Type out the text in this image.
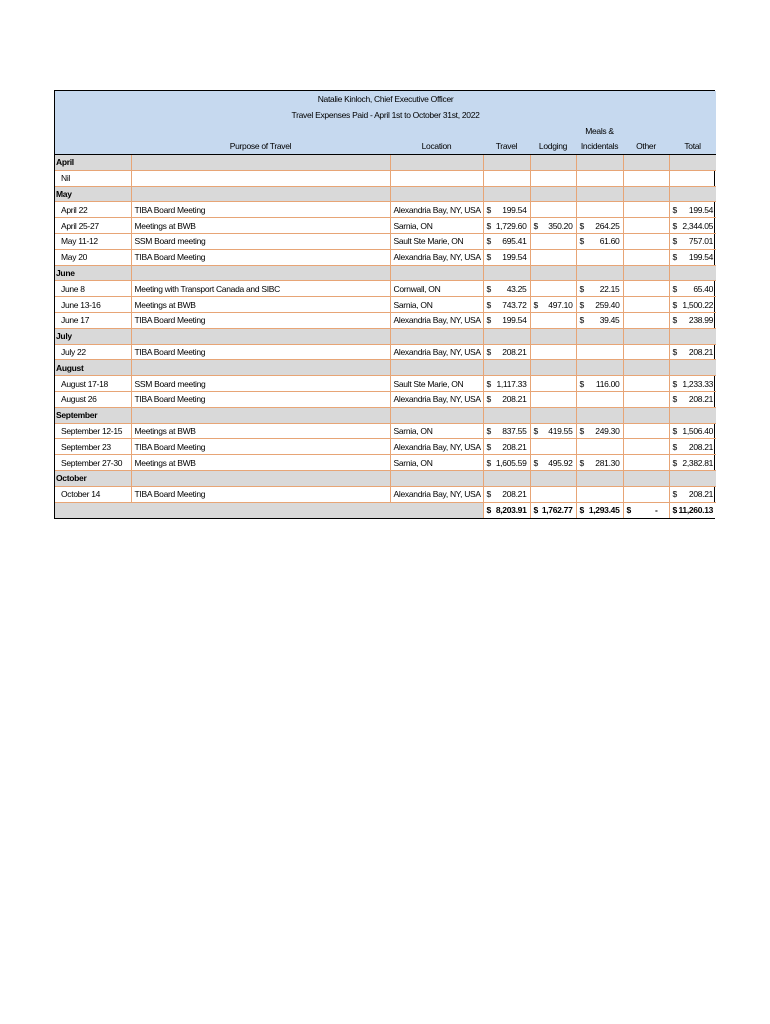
Natalie Kinloch, Chief Executive Officer							
Travel Expenses Paid - April 1st to October 31st, 2022							
					Meals &		
	Purpose of Travel	Location	Travel	Lodging	Incidentals	Other	Total
April							
Nil							
May							
April 22	TIBA Board Meeting	Alexandria Bay, NY, USA	$ 199.54				$ 199.54

April 25-27	Meetings at BWB	Sarnia, ON	$ 1,729.60	$ 350.20	$ 264.25		$ 2,344.05

May 11-12	SSM Board meeting	Sault Ste Marie, ON	$ 695.41		$ 61.60		$ 757.01

May 20	TIBA Board Meeting	Alexandria Bay, NY, USA	$ 199.54				$ 199.54

June							
June 8	Meeting with Transport Canada and SIBC	Cornwall, ON	$ 43.25		$ 22.15		$ 65.40

June 13-16	Meetings at BWB	Sarnia, ON	$ 743.72	$ 497.10	$ 259.40		$ 1,500.22

June 17	TIBA Board Meeting	Alexandria Bay, NY, USA	$ 199.54		$ 39.45		$ 238.99

July							
July 22	TIBA Board Meeting	Alexandria Bay, NY, USA	$ 208.21				$ 208.21

August							
August 17-18	SSM Board meeting	Sault Ste Marie, ON	$ 1,117.33		$ 116.00		$ 1,233.33

August 26	TIBA Board Meeting	Alexandria Bay, NY, USA	$ 208.21				$ 208.21

September							
September 12-15	Meetings at BWB	Sarnia, ON	$ 837.55	$ 419.55	$ 249.30		$ 1,506.40

September 23	TIBA Board Meeting	Alexandria Bay, NY, USA	$ 208.21				$ 208.21

September 27-30	Meetings at BWB	Sarnia, ON	$ 1,605.59	$ 495.92	$ 281.30		$ 2,382.81

October							
October 14	TIBA Board Meeting	Alexandria Bay, NY, USA	$ 208.21				$ 208.21

			$ 8,203.91	$ 1,762.77	$ 1,293.45	$ -	$ 11,260.13
